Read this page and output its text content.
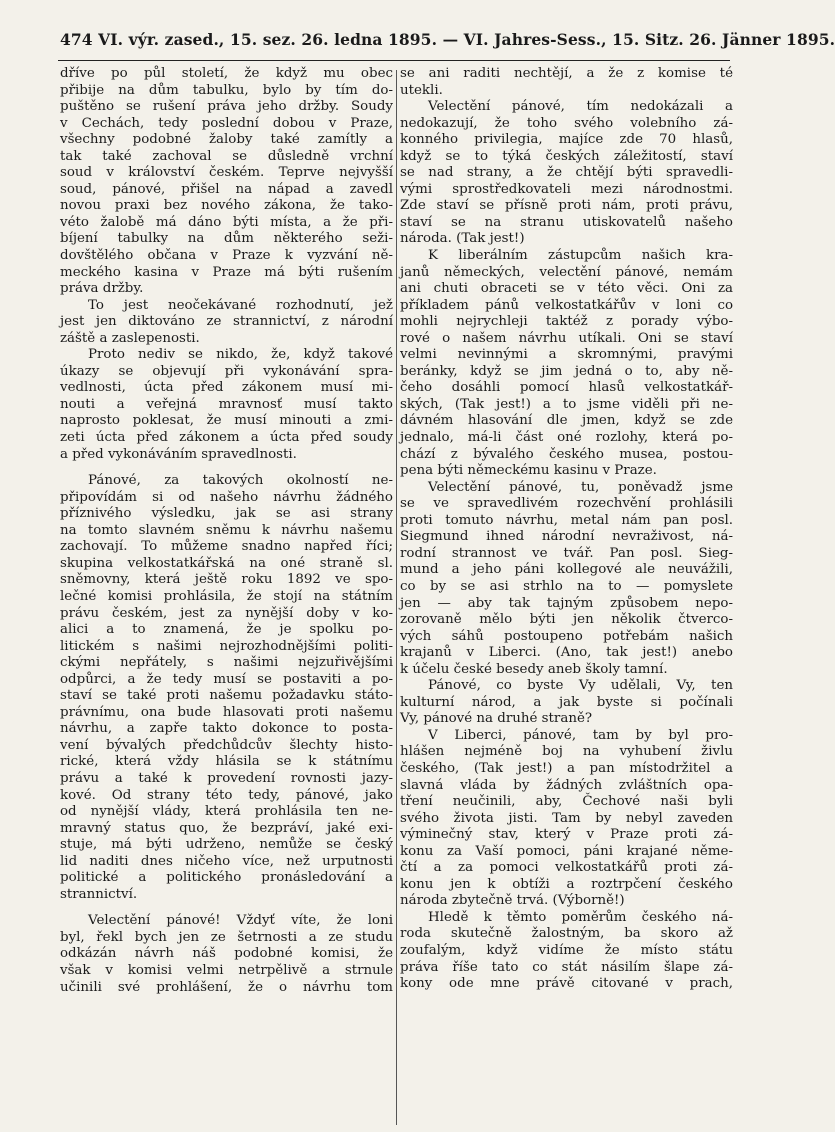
474 VI. výr. zased., 15. sez. 26. ledna 1895. — VI. Jahres-Sess., 15. Sitz. 26. Jänner 1895.
dříve po půl století, že když mu obec
přibije na dům tabulku, bylo by tím do-
puštěno se rušení práva jeho držby. Soudy
v Cechách, tedy poslední dobou v Praze,
všechny podobné žaloby také zamítly a
tak také zachoval se důsledně vrchní
soud v království českém. Teprve nejvyšší
soud, pánové, přišel na nápad a zavedl
novou praxi bez nového zákona, že tako-
véto žalobě má dáno býti místa, a že při-
bíjení tabulky na dům některého seži-
dovštělého občana v Praze k vyzvání ně-
meckého kasina v Praze má býti rušením
práva držby.
To jest neočekávané rozhodnutí, jež
jest jen diktováno ze strannictví, z národní
záště a zaslepenosti.
Proto nediv se nikdo, že, když takové
úkazy se objevují při vykonávání spra-
vedlnosti, úcta před zákonem musí mi-
nouti a veřejná mravnosť musí takto
naprosto poklesat, že musí minouti a zmi-
zeti úcta před zákonem a úcta před soudy
a před vykonáváním spravedlnosti.
Pánové, za takových okolností ne-
připovídám si od našeho návrhu žádného
příznivého výsledku, jak se asi strany
na tomto slavném sněmu k návrhu našemu
zachovají. To můžeme snadno napřed říci;
skupina velkostatkářská na oné straně sl.
sněmovny, která ještě roku 1892 ve spo-
lečné komisi prohlásila, že stojí na státním
právu českém, jest za nynější doby v ko-
alici a to znamená, že je spolku po-
litickém s našimi nejrozhodnějšími politi-
ckými nepřátely, s našimi nejzuřivějšími
odpůrci, a že tedy musí se postaviti a po-
staví se také proti našemu požadavku státo-
právnímu, ona bude hlasovati proti našemu
návrhu, a zapře takto dokonce to posta-
vení bývalých předchůdcův šlechty histo-
rické, která vždy hlásila se k státnímu
právu a také k provedení rovnosti jazy-
kové. Od strany této tedy, pánové, jako
od nynější vlády, která prohlásila ten ne-
mravný status quo, že bezpráví, jaké exi-
stuje, má býti udrženo, nemůže se český
lid naditi dnes ničeho více, než urputnosti
politické a politického pronásledování a
strannictví.
Velectění pánové! Vždyť víte, že loni
byl, řekl bych jen ze šetrnosti a ze studu
odkázán návrh náš podobné komisi, že
však v komisi velmi netrpělivě a strnule
učinili své prohlášení, že o návrhu tom
se ani raditi nechtějí, a že z komise té
utekli.
Velectění pánové, tím nedokázali a
nedokazují, že toho svého volebního zá-
konného privilegia, majíce zde 70 hlasů,
když se to týká českých záležitostí, staví
se nad strany, a že chtějí býti spravedli-
vými sprostředkovateli mezi národnostmi.
Zde staví se přísně proti nám, proti právu,
staví se na stranu utiskovatelů našeho
národa. (Tak jest!)
K liberálním zástupcům našich kra-
janů německých, velectění pánové, nemám
ani chuti obraceti se v této věci. Oni za
příkladem pánů velkostatkářův v loni co
mohli nejrychleji taktéž z porady výbo-
rové o našem návrhu utíkali. Oni se staví
velmi nevinnými a skromnými, pravými
beránky, když se jim jedná o to, aby ně-
čeho dosáhli pomocí hlasů velkostatkář-
ských, (Tak jest!) a to jsme viděli při ne-
dávném hlasování dle jmen, když se zde
jednalo, má-li část oné rozlohy, která po-
chází z bývalého českého musea, postou-
pena býti německému kasinu v Praze.
Velectění pánové, tu, poněvadž jsme
se ve spravedlivém rozechvění prohlásili
proti tomuto návrhu, metal nám pan posl.
Siegmund ihned národní nevraživost, ná-
rodní strannost ve tvář. Pan posl. Sieg-
mund a jeho páni kollegové ale neuvážili,
co by se asi strhlo na to — pomyslete
jen — aby tak tajným způsobem nepo-
zorovaně mělo býti jen několik čtverco-
vých sáhů postoupeno potřebám našich
krajanů v Liberci. (Ano, tak jest!) anebo
k účelu české besedy aneb školy tamní.
Pánové, co byste Vy udělali, Vy, ten
kulturní národ, a jak byste si počínali
Vy, pánové na druhé straně?
V Liberci, pánové, tam by byl pro-
hlášen nejméně boj na vyhubení živlu
českého, (Tak jest!) a pan místodržitel a
slavná vláda by žádných zvláštních opa-
tření neučinili, aby, Čechové naši byli
svého života jisti. Tam by nebyl zaveden
výminečný stav, který v Praze proti zá-
konu za Vaší pomoci, páni krajané něme-
čtí a za pomoci velkostatkářů proti zá-
konu jen k obtíži a roztrpčení českého
národa zbytečně trvá. (Výborně!)
Hledě k těmto poměrům českého ná-
roda skutečně žalostným, ba skoro až
zoufalým, když vidíme že místo státu
práva říše tato co stát násilím šlape zá-
kony ode mne právě citované v prach,
